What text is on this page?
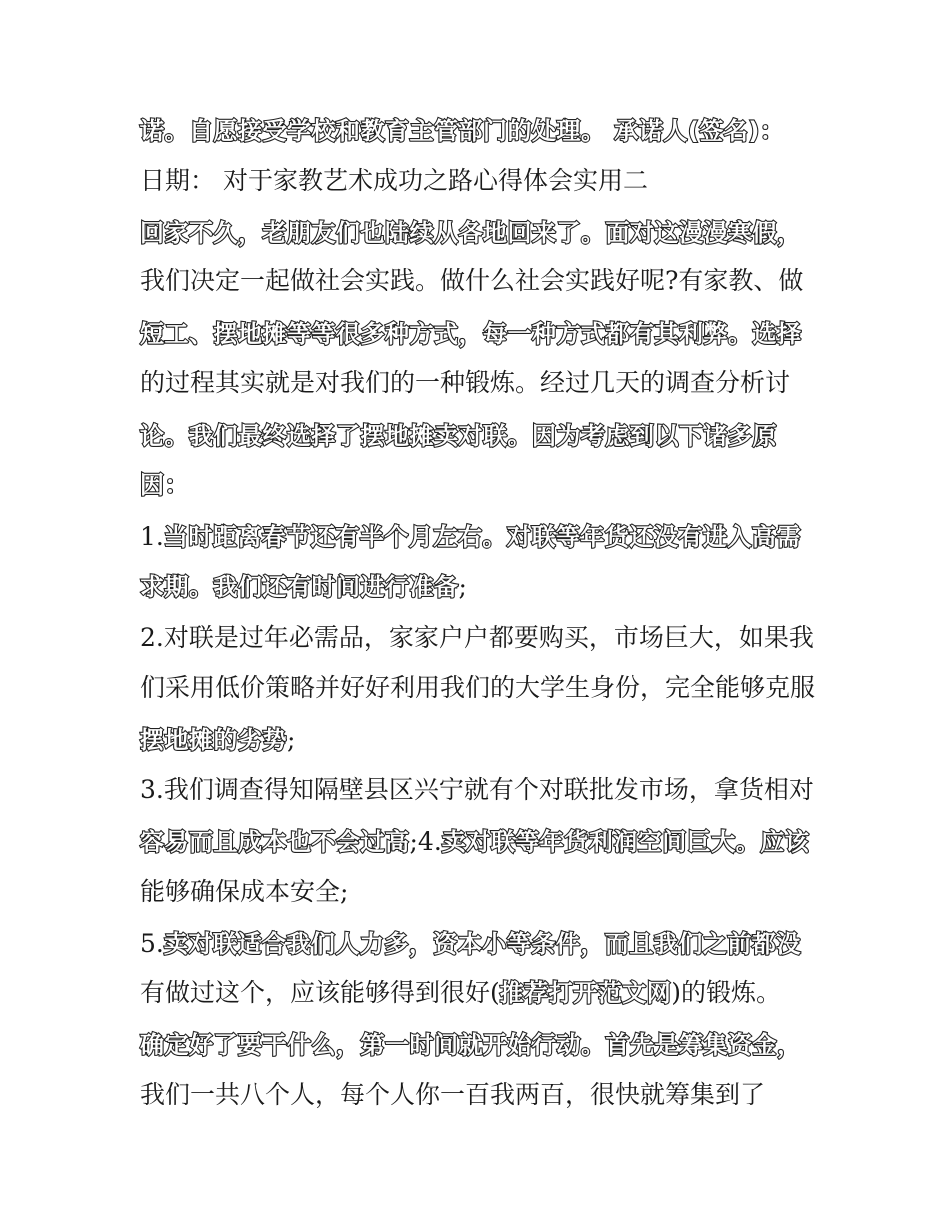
诺。自愿接受学校和教育主管部门的处理。 承诺人(签名)：
日期： 对于家教艺术成功之路心得体会实用二
回家不久，老朋友们也陆续从各地回来了。面对这漫漫寒假，
我们决定一起做社会实践。做什么社会实践好呢?有家教、做
短工、摆地摊等等很多种方式，每一种方式都有其利弊。选择
的过程其实就是对我们的一种锻炼。经过几天的调查分析讨
论。我们最终选择了摆地摊卖对联。因为考虑到以下诸多原
因：
1.当时距离春节还有半个月左右。对联等年货还没有进入高需
求期。我们还有时间进行准备;
2.对联是过年必需品，家家户户都要购买，市场巨大，如果我
们采用低价策略并好好利用我们的大学生身份，完全能够克服
摆地摊的劣势;
3.我们调查得知隔壁县区兴宁就有个对联批发市场，拿货相对
容易而且成本也不会过高;4.卖对联等年货利润空间巨大。应该
能够确保成本安全;
5.卖对联适合我们人力多，资本小等条件，而且我们之前都没
有做过这个，应该能够得到很好(推荐打开范文网)的锻炼。
确定好了要干什么，第一时间就开始行动。首先是筹集资金，
我们一共八个人，每个人你一百我两百，很快就筹集到了
